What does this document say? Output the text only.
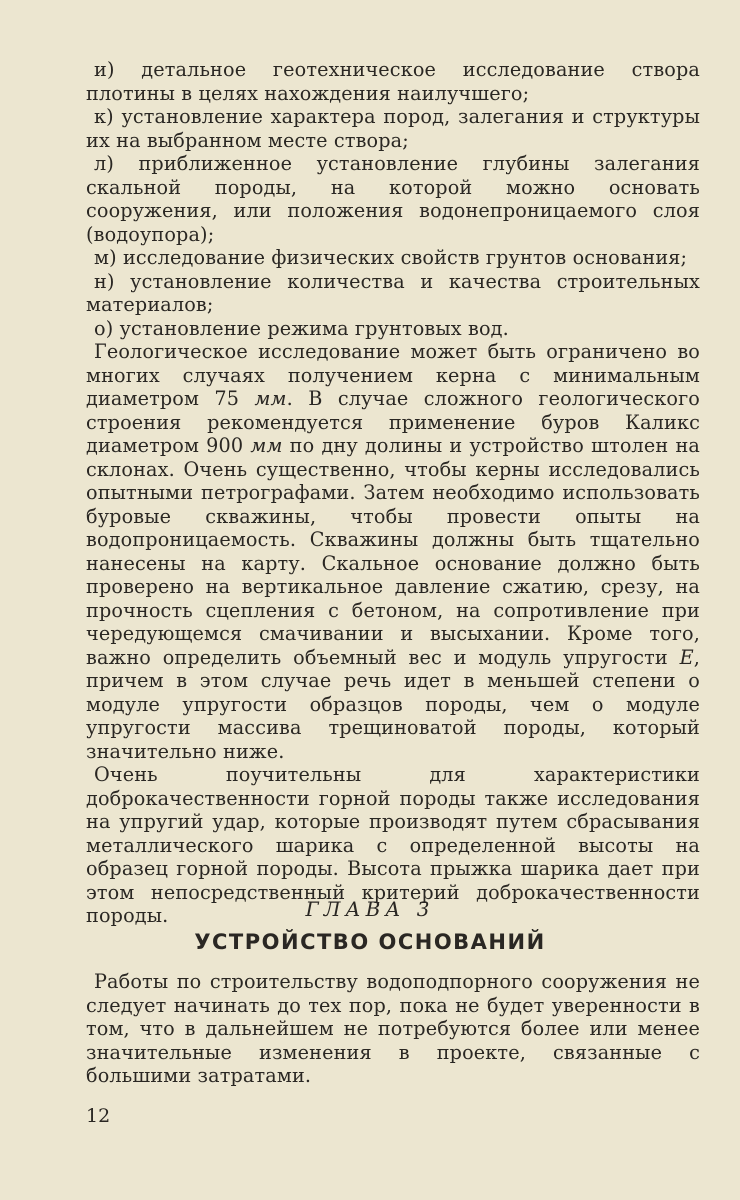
и) детальное геотехническое исследование створа плотины в целях нахождения наилучшего;

к) установление характера пород, залегания и структуры их на выбранном месте створа;

л) приближенное установление глубины залегания скальной породы, на которой можно основать сооружения, или положения водонепроницаемого слоя (водоупора);

м) исследование физических свойств грунтов основания;

н) установление количества и качества строительных материалов;

о) установление режима грунтовых вод.

Геологическое исследование может быть ограничено во многих случаях получением керна с минимальным диаметром 75 мм. В случае сложного геологического строения рекомендуется применение буров Каликс диаметром 900 мм по дну долины и устройство штолен на склонах. Очень существенно, чтобы керны исследовались опытными петрографами. Затем необходимо использовать буровые скважины, чтобы провести опыты на водопроницаемость. Скважины должны быть тщательно нанесены на карту. Скальное основание должно быть проверено на вертикальное давление сжатию, срезу, на прочность сцепления с бетоном, на сопротивление при чередующемся смачивании и высыхании. Кроме того, важно определить объемный вес и модуль упругости E, причем в этом случае речь идет в меньшей степени о модуле упругости образцов породы, чем о модуле упругости массива трещиноватой породы, который значительно ниже.

Очень поучительны для характеристики доброкачественности горной породы также исследования на упругий удар, которые производят путем сбрасывания металлического шарика с определенной высоты на образец горной породы. Высота прыжка шарика дает при этом непосредственный критерий доброкачественности породы.	ГЛАВА 3
УСТРОЙСТВО ОСНОВАНИЙ

Работы по строительству водоподпорного сооружения не следует начинать до тех пор, пока не будет уверенности в том, что в дальнейшем не потребуются более или менее значительные изменения в проекте, связанные с большими затратами.

12
